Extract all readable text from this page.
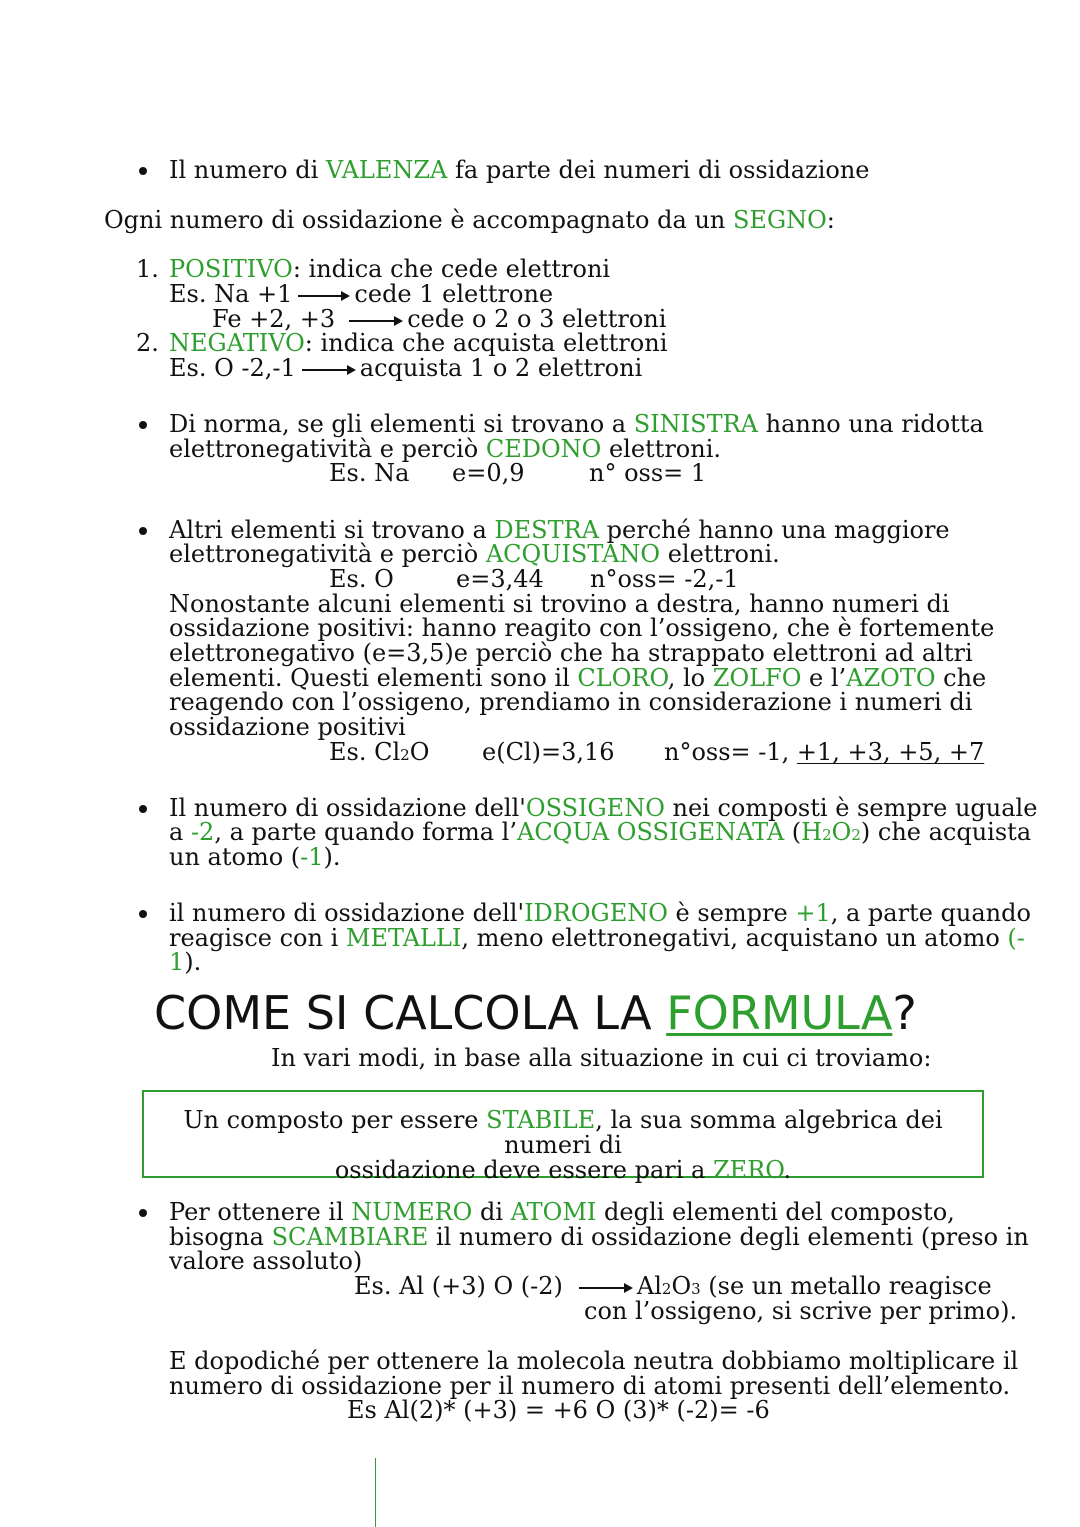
Il numero di VALENZA fa parte dei numeri di ossidazione
Ogni numero di ossidazione è accompagnato da un SEGNO:
1. POSITIVO: indica che cede elettroni
Es. Na +1	cede 1 elettrone
Fe +2, +3	cede o 2 o 3 elettroni
2. NEGATIVO: indica che acquista elettroni
Es. O -2,-1	acquista 1 o 2 elettroni
Di norma, se gli elementi si trovano a SINISTRA hanno una ridotta
elettronegatività e perciò CEDONO elettroni.
Es. Na e=0,9	n° oss= 1
Altri elementi si trovano a DESTRA perché hanno una maggiore
elettronegatività e perciò ACQUISTANO elettroni.
Es. O	e=3,44 n°oss= -2,-1
Nonostante alcuni elementi si trovino a destra, hanno numeri di
ossidazione positivi: hanno reagito con l’ossigeno, che è fortemente
elettronegativo (e=3,5)e perciò che ha strappato elettroni ad altri
elementi. Questi elementi sono il CLORO, lo ZOLFO e l’AZOTO che
reagendo con l’ossigeno, prendiamo in considerazione i numeri di
ossidazione positivi
Es. Cl2O e(Cl)=3,16 n°oss= -1, +1, +3, +5, +7
Il numero di ossidazione dell'OSSIGENO nei composti è sempre uguale
a -2, a parte quando forma l’ACQUA OSSIGENATA (H2O2) che acquista
un atomo (-1).
il numero di ossidazione dell'IDROGENO è sempre +1, a parte quando
reagisce con i METALLI, meno elettronegativi, acquistano un atomo (-
1).
COME SI CALCOLA LA FORMULA?
In vari modi, in base alla situazione in cui ci troviamo:
Un composto per essere STABILE, la sua somma algebrica dei numeri di
ossidazione deve essere pari a ZERO.
Per ottenere il NUMERO di ATOMI degli elementi del composto,
bisogna SCAMBIARE il numero di ossidazione degli elementi (preso in
valore assoluto)
Es. Al (+3) O (-2)	Al2O3 (se un metallo reagisce
con l’ossigeno, si scrive per primo).
E dopodiché per ottenere la molecola neutra dobbiamo moltiplicare il
numero di ossidazione per il numero di atomi presenti dell’elemento.
Es Al(2)* (+3) = +6 O (3)* (-2)= -6
